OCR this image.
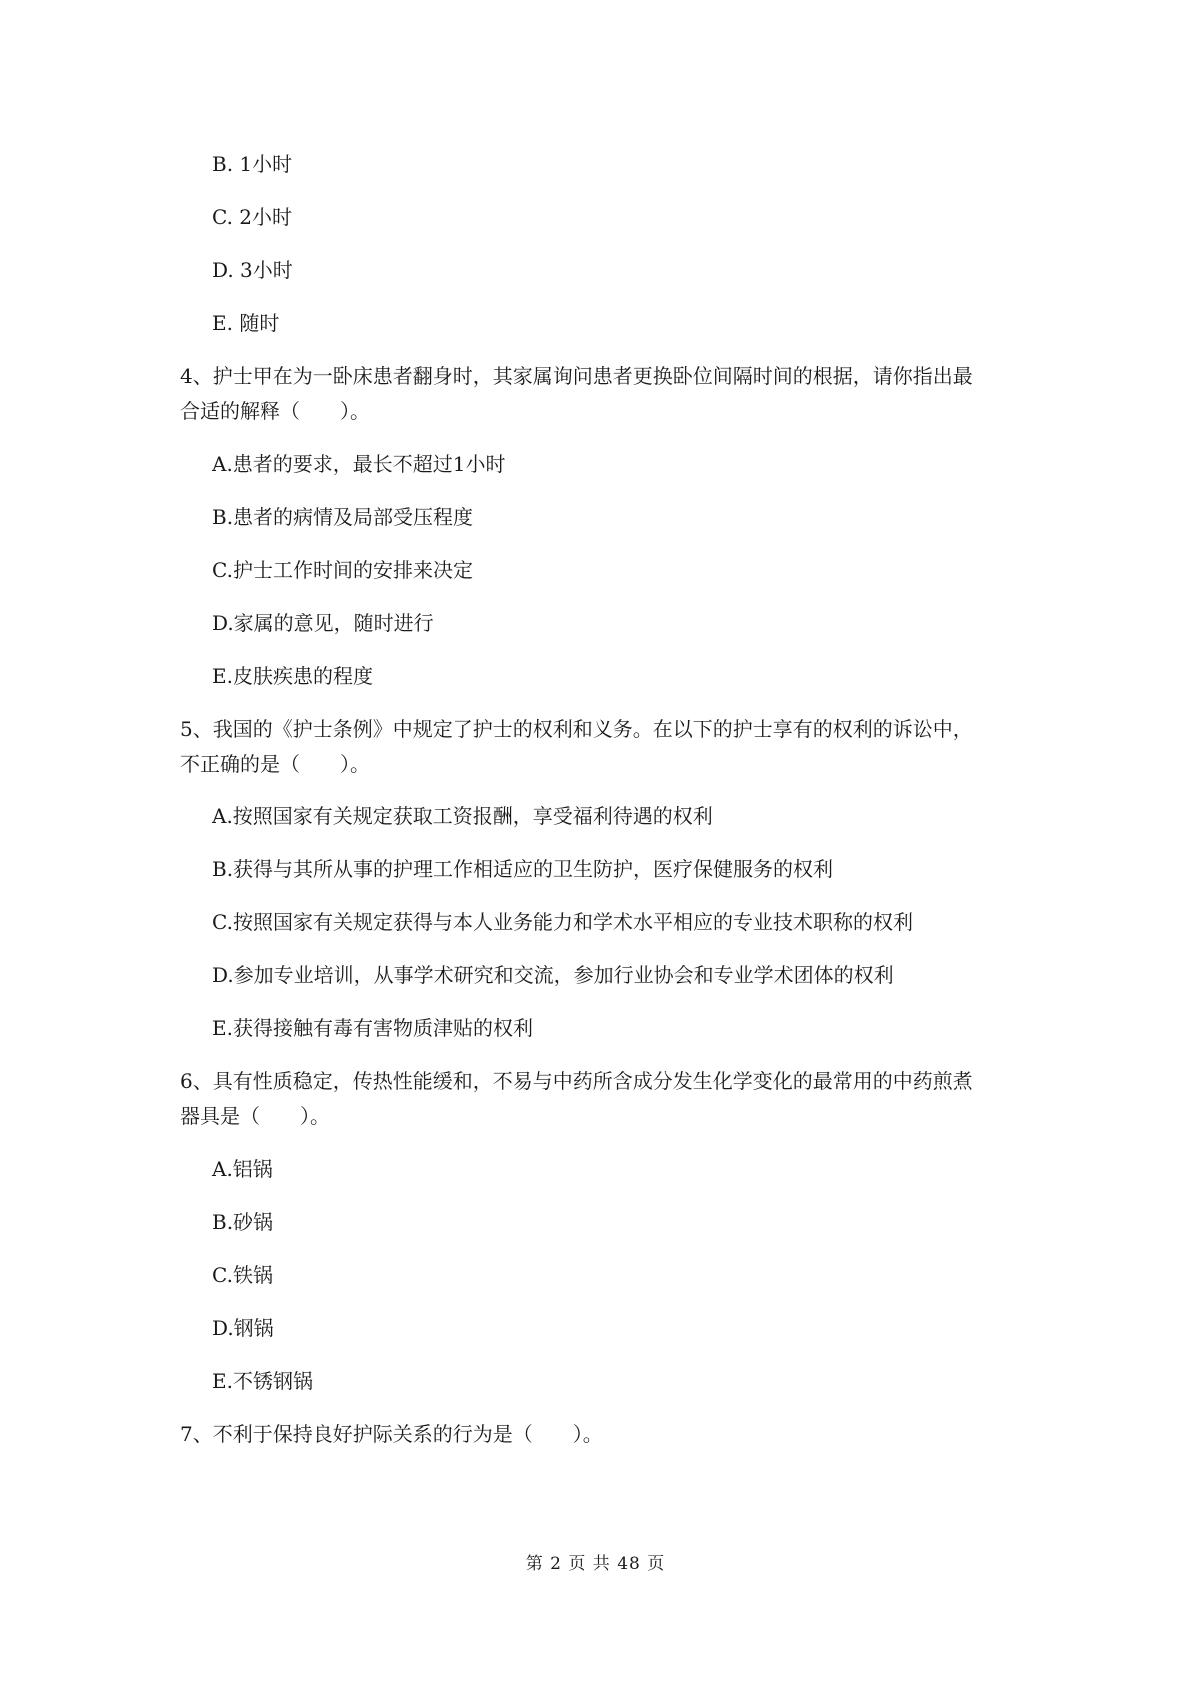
B. 1小时
C. 2小时
D. 3小时
E. 随时
4、护士甲在为一卧床患者翻身时，其家属询问患者更换卧位间隔时间的根据，请你指出最
合适的解释（　　）。
A.患者的要求，最长不超过1小时
B.患者的病情及局部受压程度
C.护士工作时间的安排来决定
D.家属的意见，随时进行
E.皮肤疾患的程度
5、我国的《护士条例》中规定了护士的权利和义务。在以下的护士享有的权利的诉讼中，
不正确的是（　　）。
A.按照国家有关规定获取工资报酬，享受福利待遇的权利
B.获得与其所从事的护理工作相适应的卫生防护，医疗保健服务的权利
C.按照国家有关规定获得与本人业务能力和学术水平相应的专业技术职称的权利
D.参加专业培训，从事学术研究和交流，参加行业协会和专业学术团体的权利
E.获得接触有毒有害物质津贴的权利
6、具有性质稳定，传热性能缓和，不易与中药所含成分发生化学变化的最常用的中药煎煮
器具是（　　）。
A.铝锅
B.砂锅
C.铁锅
D.钢锅
E.不锈钢锅
7、不利于保持良好护际关系的行为是（　　）。
第 2 页 共 48 页
